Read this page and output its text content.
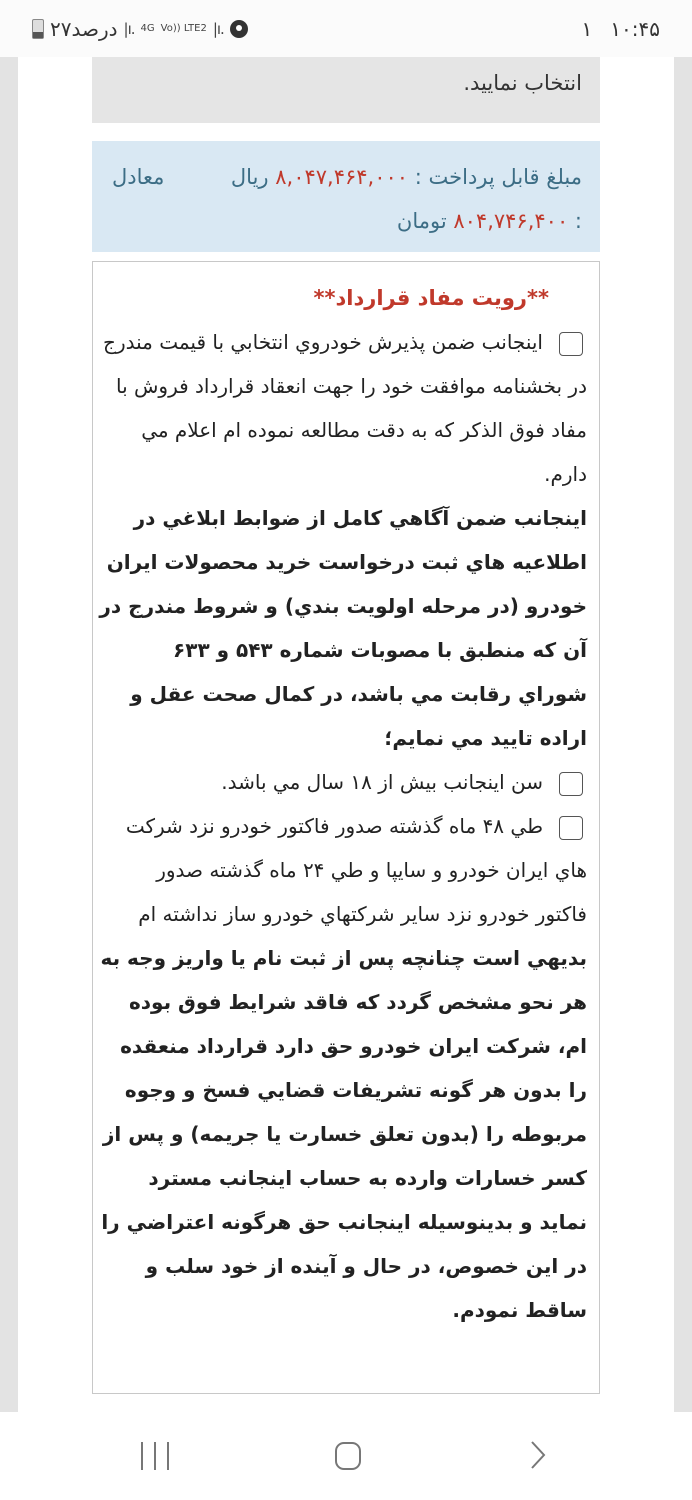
۲۷درصد |ı. 4G Vo)) LTE2 |ı.	۱ ۱۰:۴۵
انتخاب نمایید.
مبلغ قابل پرداخت : ۸,۰۴۷,۴۶۴,۰۰۰ ریال
معادل
: ۸۰۴,۷۴۶,۴۰۰ تومان
**رويت مفاد قرارداد**
اينجانب ضمن پذيرش خودروي انتخابي با قيمت مندرج در بخشنامه موافقت خود را جهت انعقاد قرارداد فروش با مفاد فوق الذكر كه به دقت مطالعه نموده ام اعلام مي دارم.
اينجانب ضمن آگاهي كامل از ضوابط ابلاغي در اطلاعيه هاي ثبت درخواست خريد محصولات ايران خودرو (در مرحله اولويت بندي) و شروط مندرج در آن كه منطبق با مصوبات شماره ۵۴۳ و ۶۳۳ شوراي رقابت مي باشد، در كمال صحت عقل و اراده تاييد مي نمايم؛
سن اينجانب بيش از ۱۸ سال مي باشد.
طي ۴۸ ماه گذشته صدور فاكتور خودرو نزد شركت هاي ايران خودرو و سايپا و طي ۲۴ ماه گذشته صدور فاكتور خودرو نزد ساير شركتهاي خودرو ساز نداشته ام
بديهي است چنانچه پس از ثبت نام يا واريز وجه به هر نحو مشخص گردد كه فاقد شرايط فوق بوده ام، شركت ايران خودرو حق دارد قرارداد منعقده را بدون هر گونه تشريفات قضايي فسخ و وجوه مربوطه را (بدون تعلق خسارت يا جريمه) و پس از كسر خسارات وارده به حساب اينجانب مسترد نمايد و بدينوسيله اينجانب حق هرگونه اعتراضي را در اين خصوص، در حال و آينده از خود سلب و ساقط نمودم.
